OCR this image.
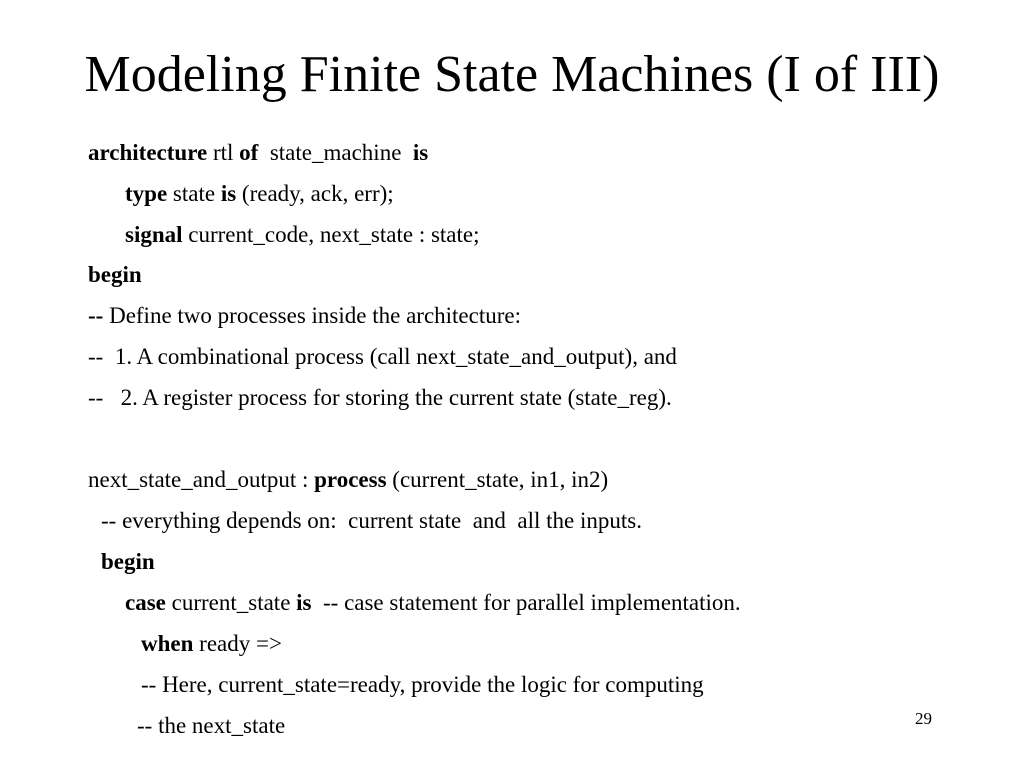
Modeling Finite State Machines (I of III)
architecture rtl of  state_machine  is
type state is (ready, ack, err);
signal current_code, next_state : state;
begin
-- Define two processes inside the architecture:
--  1. A combinational process (call next_state_and_output), and
--   2. A register process for storing the current state (state_reg).
next_state_and_output : process (current_state, in1, in2)
-- everything depends on:  current state  and  all the inputs.
begin
case current_state is  -- case statement for parallel implementation.
when ready =>
-- Here, current_state=ready, provide the logic for computing
-- the next_state	29
